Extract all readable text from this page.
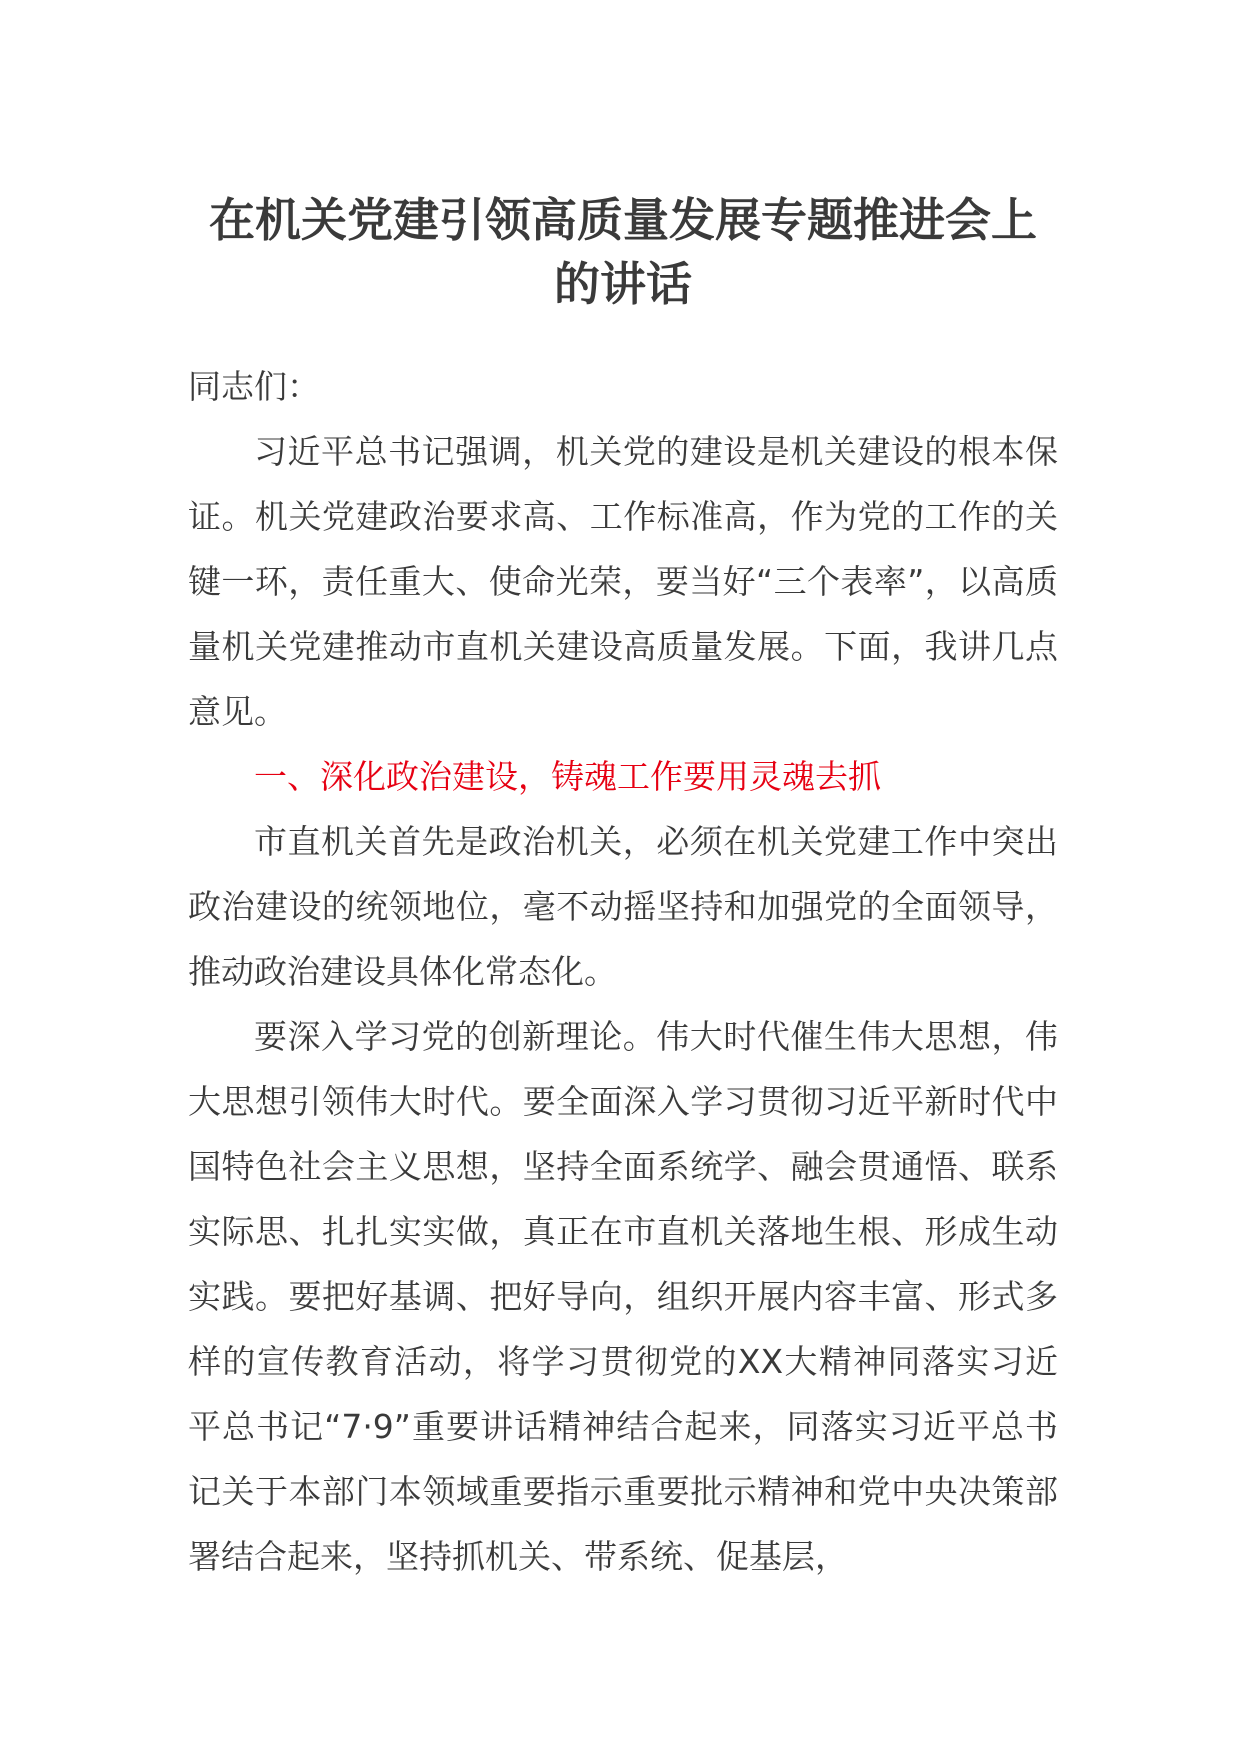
在机关党建引领高质量发展专题推进会上的讲话

同志们：

习近平总书记强调，机关党的建设是机关建设的根本保证。机关党建政治要求高、工作标准高，作为党的工作的关键一环，责任重大、使命光荣，要当好“三个表率”，以高质量机关党建推动市直机关建设高质量发展。下面，我讲几点意见。

一、深化政治建设，铸魂工作要用灵魂去抓

市直机关首先是政治机关，必须在机关党建工作中突出政治建设的统领地位，毫不动摇坚持和加强党的全面领导，推动政治建设具体化常态化。

要深入学习党的创新理论。伟大时代催生伟大思想，伟大思想引领伟大时代。要全面深入学习贯彻习近平新时代中国特色社会主义思想，坚持全面系统学、融会贯通悟、联系实际思、扎扎实实做，真正在市直机关落地生根、形成生动实践。要把好基调、把好导向，组织开展内容丰富、形式多样的宣传教育活动，将学习贯彻党的XX大精神同落实习近平总书记“7·9”重要讲话精神结合起来，同落实习近平总书记关于本部门本领域重要指示重要批示精神和党中央决策部署结合起来，坚持抓机关、带系统、促基层，
